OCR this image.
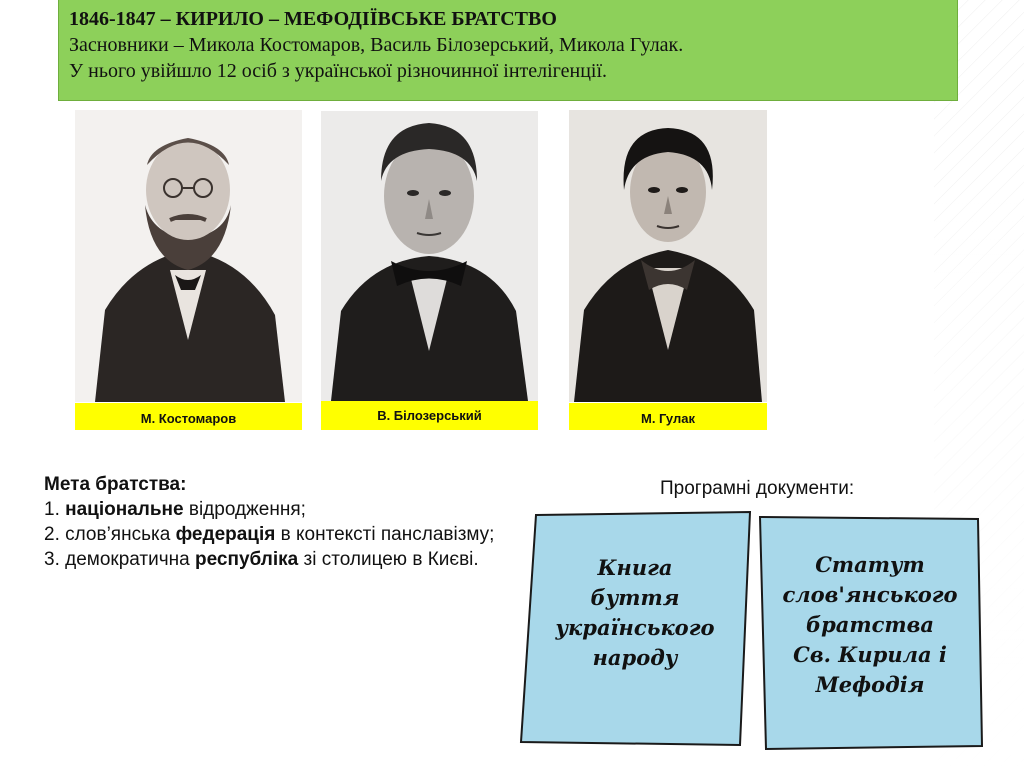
1846-1847 – КИРИЛО – МЕФОДІЇВСЬКЕ БРАТСТВО
Засновники – Микола Костомаров, Василь Білозерський, Микола Гулак.
У нього увійшло 12 осіб з української різночинної інтелігенції.
М. Костомаров	В. Білозерський	М. Гулак
Мета братства:
1. національне відродження;
2. слов’янська федерація в контексті панславізму;
3. демократична республіка зі столицею в Києві.
Програмні документи:
Книга
буття
українського
народу
Статут
слов'янського
братства
Св. Кирила і
Мефодія
